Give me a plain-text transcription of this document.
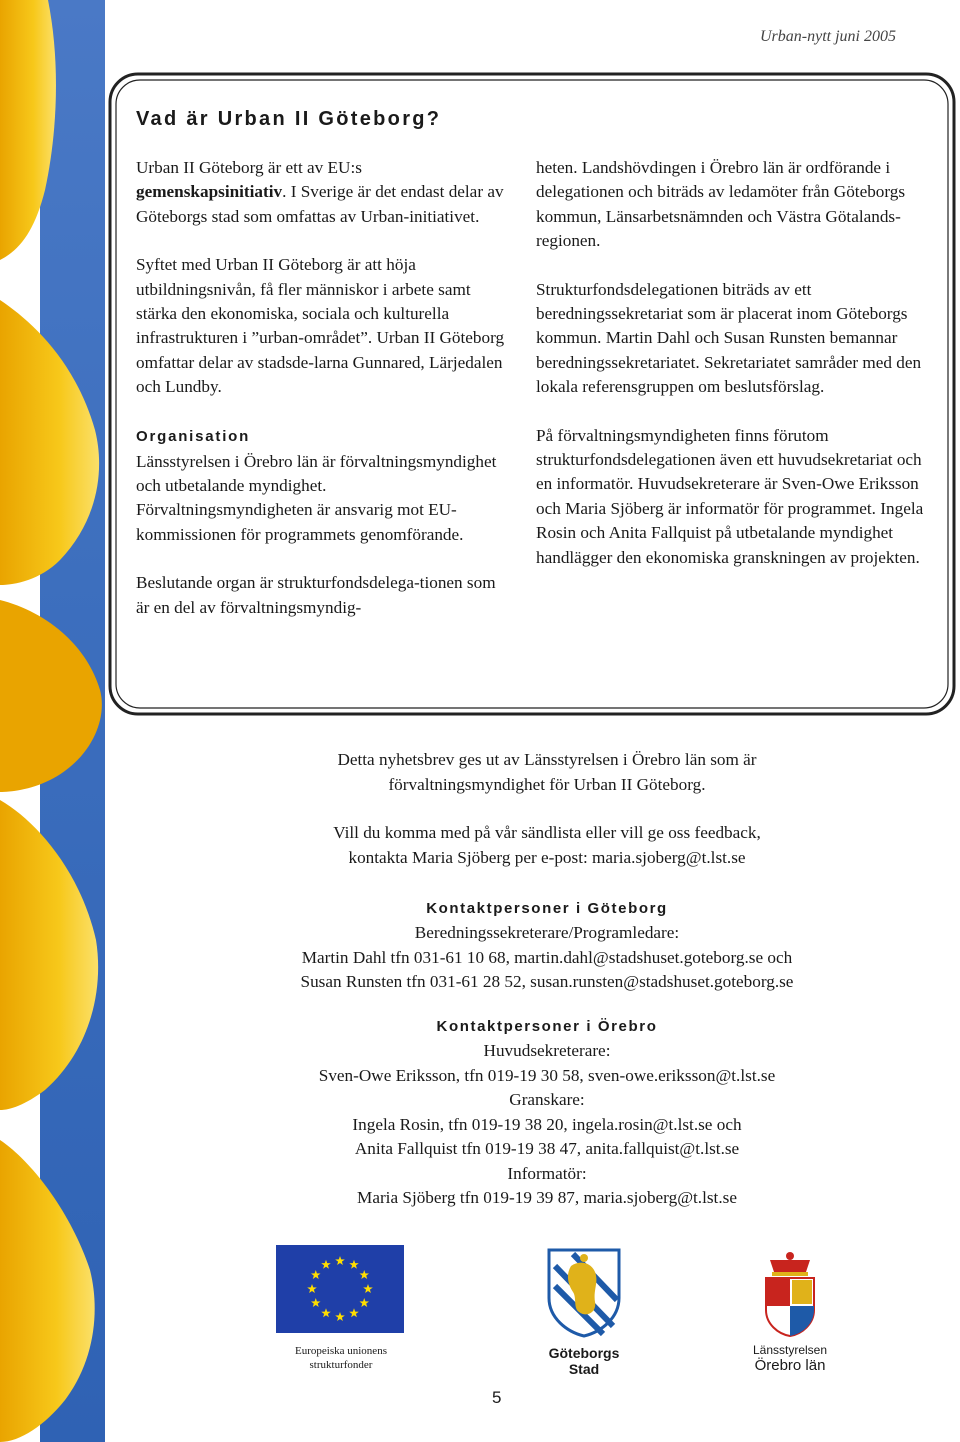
Urban-nytt juni 2005
Vad är Urban II Göteborg?

Urban II Göteborg är ett av EU:s gemenskapsinitiativ. I Sverige är det endast delar av Göteborgs stad som omfattas av Urban-initiativet.

Syftet med Urban II Göteborg är att höja utbildningsnivån, få fler människor i arbete samt stärka den ekonomiska, sociala och kulturella infrastrukturen i ”urban-området”. Urban II Göteborg omfattar delar av stadsde-larna Gunnared, Lärjedalen och Lundby.

Organisation

Länsstyrelsen i Örebro län är förvaltningsmyndighet och utbetalande myndighet. Förvaltningsmyndigheten är ansvarig mot EU-kommissionen för programmets genomförande.

Beslutande organ är strukturfondsdelega-tionen som är en del av förvaltningsmyndig-

heten. Landshövdingen i Örebro län är ordförande i delegationen och biträds av ledamöter från Göteborgs kommun, Länsarbetsnämnden och Västra Götalands-regionen.

Strukturfondsdelegationen biträds av ett beredningssekretariat som är placerat inom Göteborgs kommun. Martin Dahl och Susan Runsten bemannar beredningssekretariatet. Sekretariatet samråder med den lokala referensgruppen om beslutsförslag.

På förvaltningsmyndigheten finns förutom strukturfondsdelegationen även ett huvudsekretariat och en informatör. Huvudsekreterare är Sven-Owe Eriksson och Maria Sjöberg är informatör för programmet. Ingela Rosin och Anita Fallquist på utbetalande myndighet handlägger den ekonomiska granskningen av projekten.

Detta nyhetsbrev ges ut av Länsstyrelsen i Örebro län som är

förvaltningsmyndighet för Urban II Göteborg.

Vill du komma med på vår sändlista eller vill ge oss feedback,

kontakta Maria Sjöberg per e-post: maria.sjoberg@t.lst.se

Kontaktpersoner i Göteborg

Beredningssekreterare/Programledare:

Martin Dahl tfn 031-61 10 68, martin.dahl@stadshuset.goteborg.se och

Susan Runsten tfn 031-61 28 52, susan.runsten@stadshuset.goteborg.se

Kontaktpersoner i Örebro

Huvudsekreterare:

Sven-Owe Eriksson, tfn 019-19 30 58, sven-owe.eriksson@t.lst.se

Granskare:

Ingela Rosin, tfn 019-19 38 20, ingela.rosin@t.lst.se och

Anita Fallquist tfn 019-19 38 47, anita.fallquist@t.lst.se

Informatör:

Maria Sjöberg tfn 019-19 39 87, maria.sjoberg@t.lst.se

Europeiska unionens
strukturfonder
Göteborgs
Stad
Länsstyrelsen
Örebro län
5
